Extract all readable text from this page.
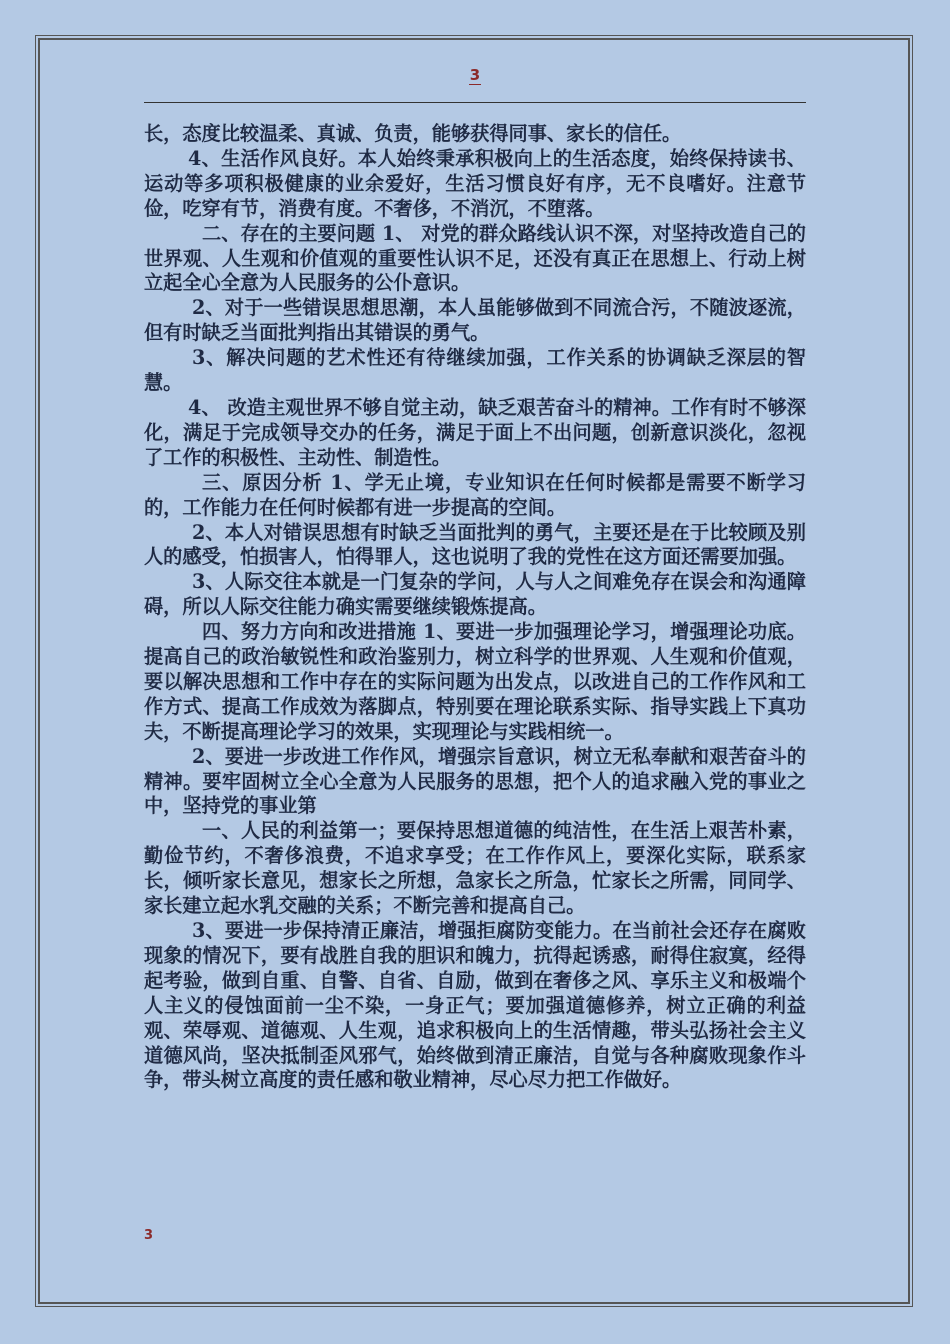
3

长，态度比较温柔、真诚、负责，能够获得同事、家长的信任。

4、生活作风良好。本人始终秉承积极向上的生活态度，始终保持读书、运动等多项积极健康的业余爱好，生活习惯良好有序，无不良嗜好。注意节俭，吃穿有节，消费有度。不奢侈，不消沉，不堕落。

二、存在的主要问题 1、 对党的群众路线认识不深，对坚持改造自己的世界观、人生观和价值观的重要性认识不足，还没有真正在思想上、行动上树立起全心全意为人民服务的公仆意识。

2、对于一些错误思想思潮，本人虽能够做到不同流合污，不随波逐流，但有时缺乏当面批判指出其错误的勇气。

3、解决问题的艺术性还有待继续加强，工作关系的协调缺乏深层的智慧。

4、 改造主观世界不够自觉主动，缺乏艰苦奋斗的精神。工作有时不够深化，满足于完成领导交办的任务，满足于面上不出问题，创新意识淡化，忽视了工作的积极性、主动性、制造性。

三、原因分析 1、学无止境，专业知识在任何时候都是需要不断学习的，工作能力在任何时候都有进一步提高的空间。

2、本人对错误思想有时缺乏当面批判的勇气，主要还是在于比较顾及别人的感受，怕损害人，怕得罪人，这也说明了我的党性在这方面还需要加强。

3、人际交往本就是一门复杂的学问，人与人之间难免存在误会和沟通障碍，所以人际交往能力确实需要继续锻炼提高。

四、努力方向和改进措施 1、要进一步加强理论学习，增强理论功底。提高自己的政治敏锐性和政治鉴别力，树立科学的世界观、人生观和价值观，要以解决思想和工作中存在的实际问题为出发点，以改进自己的工作作风和工作方式、提高工作成效为落脚点，特别要在理论联系实际、指导实践上下真功夫，不断提高理论学习的效果，实现理论与实践相统一。

2、要进一步改进工作作风，增强宗旨意识，树立无私奉献和艰苦奋斗的精神。要牢固树立全心全意为人民服务的思想，把个人的追求融入党的事业之中，坚持党的事业第

一、人民的利益第一；要保持思想道德的纯洁性，在生活上艰苦朴素，勤俭节约，不奢侈浪费，不追求享受；在工作作风上，要深化实际，联系家长，倾听家长意见，想家长之所想，急家长之所急，忙家长之所需，同同学、家长建立起水乳交融的关系；不断完善和提高自己。

3、要进一步保持清正廉洁，增强拒腐防变能力。在当前社会还存在腐败现象的情况下，要有战胜自我的胆识和魄力，抗得起诱惑，耐得住寂寞，经得起考验，做到自重、自警、自省、自励，做到在奢侈之风、享乐主义和极端个人主义的侵蚀面前一尘不染，一身正气；要加强道德修养，树立正确的利益观、荣辱观、道德观、人生观，追求积极向上的生活情趣，带头弘扬社会主义道德风尚，坚决抵制歪风邪气，始终做到清正廉洁，自觉与各种腐败现象作斗争，带头树立高度的责任感和敬业精神，尽心尽力把工作做好。

3
